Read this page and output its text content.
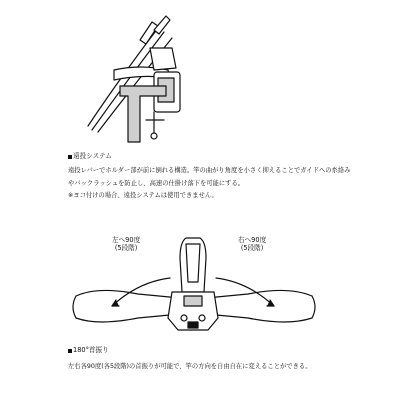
遠投システム
遠投レバーでホルダー部が前に倒れる構造。竿の曲がり角度を小さく抑えることでガイドへの糸絡み
やバックラッシュを防止し、高速の仕掛け落下を可能にする。
※ヨコ付けの場合、遠投システムは使用できません。
左へ90度
(5段階)
右へ90度
(5段階)
180°首振り
左右各90度(各5段階)の首振りが可能で、竿の方向を自由自在に変えることができる。
